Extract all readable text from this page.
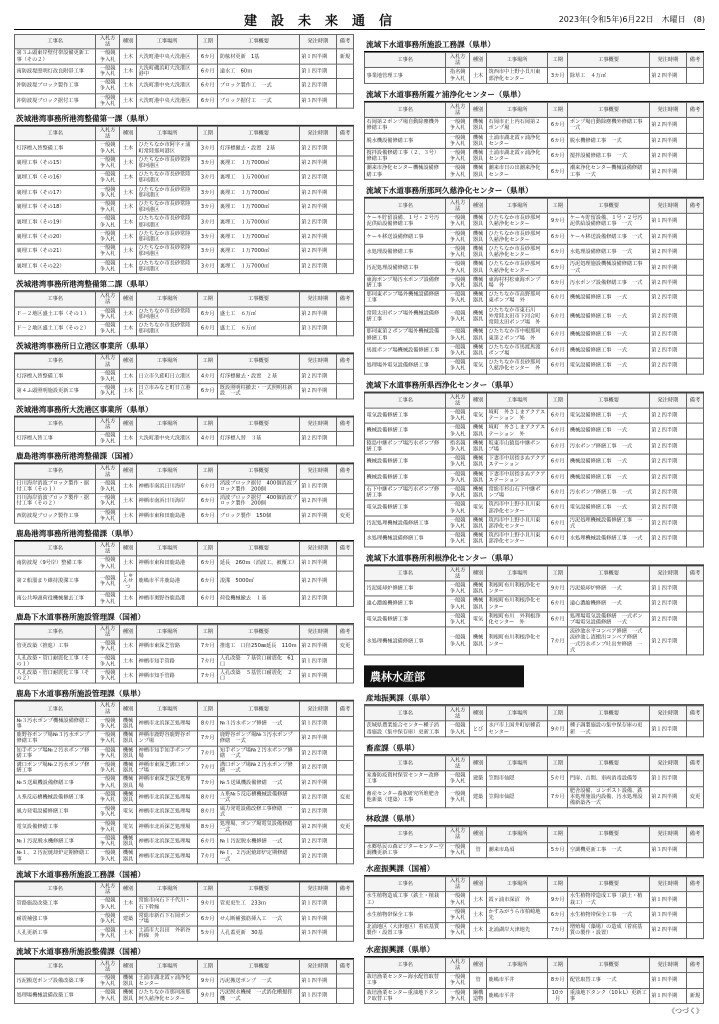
建設未来通信	2023年(令和5年)6月22日　木曜日　(8)
工事名	入札方法	種別	工事場所	工期	工事概要	発注時期	備考
第３ふ頭東岸壁付帯設備更新工事（その２）	一般競争入札	土木	大洗町港中央大洗港区	6カ月	防舷材更新　1基	第１四半期	新規
南防波堤照明灯改良附帯工事	一般競争入札	土木	大洗町磯浜町大洗港区港中	6カ月	遠水工　60ｍ	第１四半期	
沖防波堤ブロック製作工事	一般競争入札	土木	大洗町港中央大洗港区	6カ月	ブロック製作工　一式	第２四半期	
沖防波堤ブロック据付工事	一般競争入札	土木	大洗町港中央大洗港区	6カ月	ブロック据付工　一式	第３四半期	
茨城港湾事務所港湾整備第一課（県単）
工事名	入札方法	種別	工事場所	工期	工事概要	発注時期	備考
灯浮標入替整備工事	一般競争入札	土木	ひたちなか市阿字ヶ浦町常陸那珂港区	3カ月	灯浮標撤去・設置　2基	第２四半期	
裏埋工事（その15）	一般競争入札	土木	ひたちなか市長砂常陸那珂港区	3カ月	裏埋工　１万7000㎥	第２四半期	
裏埋工事（その16）	一般競争入札	土木	ひたちなか市長砂常陸那珂港区	3カ月	裏埋工　１万7000㎥	第２四半期	
裏埋工事（その17）	一般競争入札	土木	ひたちなか市長砂常陸那珂港区	3カ月	裏埋工　１万7000㎥	第２四半期	
裏埋工事（その18）	一般競争入札	土木	ひたちなか市長砂常陸那珂港区	3カ月	裏埋工　１万7000㎥	第２四半期	
裏埋工事（その19）	一般競争入札	土木	ひたちなか市長砂常陸那珂港区	3カ月	裏埋工　１万7000㎥	第２四半期	
裏埋工事（その20）	一般競争入札	土木	ひたちなか市長砂常陸那珂港区	3カ月	裏埋工　１万7000㎥	第２四半期	
裏埋工事（その21）	一般競争入札	土木	ひたちなか市長砂常陸那珂港区	3カ月	裏埋工　１万7000㎥	第２四半期	
裏埋工事（その22）	一般競争入札	土木	ひたちなか市長砂常陸那珂港区	3カ月	裏埋工　１万7000㎥	第２四半期	
茨城港湾事務所港湾整備第二課（県単）
工事名	入札方法	種別	工事場所	工期	工事概要	発注時期	備考
Ｆ－２地区盛土工事（その１）	一般競争入札	土木	ひたちなか市長砂常陸那珂港区	6カ月	盛土工　６万㎥	第２四半期	
Ｆ－２地区盛土工事（その２）	一般競争入札	土木	ひたちなか市長砂常陸那珂港区	6カ月	盛土工　６万㎥	第３四半期	
茨城港湾事務所日立港区事業所（県単）
工事名	入札方法	種別	工事場所	工期	工事概要	発注時期	備考
灯浮標入替整備工事	一般競争入札	土木	日立市久慈町日立港区	4カ月	灯浮標撤去・設置　２基	第２四半期	
第４ふ頭照明施設更新工事	一般競争入札	土木	日立市みなと町日立港区	6カ月	既設照明柱撤去・一式照明柱新設　一式	第２四半期	
茨城港湾事務所大洗港区事業所（県単）
工事名	入札方法	種別	工事場所	工期	工事概要	発注時期	備考
灯浮標入替工事	一般競争入札	土木	大洗町港中央大洗港区	4カ月	灯浮標入替　３基	第２四半期	
鹿島港湾事務所港湾整備課（国補）
工事名	入札方法	種別	工事場所	工期	工事概要	発注時期	備考
日川海岸消波ブロック製作・据付工事（その１）	一般競争入札	土木	神栖市南浜日川海岸	6カ月	消波ブロック据付　400個消波ブロック製作　200個	第１四半期	
日川海岸消波ブロック製作・据付工事（その２）	一般競争入札	土木	神栖市南浜日川海岸	6カ月	消波ブロック据付　400個消波ブロック製作　200個	第２四半期	
西防波堤ブロック製作工事	一般競争入札	土木	神栖市東和田鹿島港	6カ月	ブロック製作　150個	第２四半期	変更
鹿島港湾事務所港湾整備課（県単）
工事名	入札方法	種別	工事場所	工期	工事概要	発注時期	備考
南防波堤（9号岸）整備工事	一般競争入札	土木	神栖市東和田鹿島港	6カ月	延長　260ｍ（消波工、被覆工）	第１四半期	
第２船溜まり維持浚渫工事	一般競争入札	しゅんせつ	鹿嶋市平井鹿島港	6カ月	浚渫　5000㎥	第２四半期	
南公共埠頭荷役機械撤去工事	一般競争入札	土木	神栖市奥野谷鹿島港	6カ月	荷役機械撤去　１基	第２四半期	
鹿島下水道事務所施設管理課（国補）
工事名	入札方法	種別	工事場所	工期	工事概要	発注時期	備考
管更改築（推進）工事	一般競争入札	土木	神栖市東深芝管路	7カ月	推進工　口径250㎜延長　110ｍ	第２四半期	変更
人孔改築・管口耐震化工事（その１）	一般競争入札	土木	神栖市知手管路	7カ月	人孔改築　７基管口耐震化　61口	第１四半期	
人孔改築・管口耐震化工事（その２）	一般競争入札	土木	神栖市知手管路	7カ月	人孔改築　５基管口耐震化　２口	第１四半期	
鹿島下水道事務所施設管理課（県単）
工事名	入札方法	種別	工事場所	工期	工事概要	発注時期	備考
№３汚水ポンプ機械設備修繕工事	一般競争入札	機械器具	神栖市北浜深芝処理場	8カ月	№３汚水ポンプ修繕　一式	第１四半期	
鹿野谷ポンプ場№３汚水ポンプ修繕工事	一般競争入札	機械器具	神栖市鹿野谷鹿野谷ポンプ場	7カ月	鹿野谷ポンプ場№３汚水ポンプ修繕　一式	第２四半期	
知手ポンプ場№２汚水ポンプ修繕工事	一般競争入札	機械器具	神栖市知手知手ポンプ場	7カ月	知手ポンプ場№２汚水ポンプ修繕　一式	第２四半期	
溝口ポンプ場№２汚水ポンプ修繕工事	一般競争入札	機械器具	神栖市東深芝溝口ポンプ場	7カ月	溝口ポンプ場№２汚水ポンプ修繕　一式	第２四半期	
№５送風機設備修繕工事	一般競争入札	機械器具	神栖市東深芝深芝処理場	7カ月	№５送風機設備修繕　一式	第２四半期	
Ａ系反応槽機械設備修繕工事	一般競争入札	機械器具	神栖市北浜深芝処理場	8カ月	Ａ系№５反応槽機械設備修繕　一式	第２四半期	変更
風力発電設備修繕工事	一般競争入札	電気	神栖市北浜深芝処理場	8カ月	風力発電設備改修工事修繕　一式	第２四半期	
電気設備修繕工事	一般競争入札	電気	神栖市北浜深芝処理場	8カ月	処理場、ポンプ場電気設備修繕　一式	第２四半期	変更
№１汚泥脱水機修繕工事	一般競争入札	機械器具	神栖市北浜深芝処理場	6カ月	№１汚泥脱水機修繕　一式	第２四半期	
№１、２汚泥焼却炉定期修繕工事	一般競争入札	機械器具	神栖市北浜深芝処理場	7カ月	№１、２汚泥焼却炉定期修繕　一式	第２四半期	
流域下水道事務所施設工務課（国補）
工事名	入札方法	種別	工事場所	工期	工事概要	発注時期	備考
管路施設改築工事	一般競争入札	土木	常総市向石下千代川・石下幹線	9カ月	管更更生工　233ｍ	第１四半期	
耐震補強工事	一般競争入札	建築	常総市新石下石岡ポンプ場	6カ月	せん断補強筋挿入工　一式	第１四半期	
人孔更新工事	一般競争入札	土木	土浦市大岩田　外新谷幹線　外	5カ月	人孔蓋更新　30基	第３四半期	
流域下水道事務所施設整備課（国補）
工事名	入札方法	種別	工事場所	工期	工事概要	発注時期	備考
汚泥搬送ポンプ設備改築工事	一般競争入札	機械器具	土浦市湖北霞ヶ浦浄化センター	9カ月	汚泥搬送ポンプ　一式	第１四半期	
処理場機械設備改築工事	一般競争入札	機械器具	ひたちなか市那珂湊那珂久慈浄化センター	9カ月	汚泥脱水機棟　一式消化槽撹拌機　一式	第１四半期	
流域下水道事務所施設工務課（県単）
工事名	入札方法	種別	工事場所	工期	工事概要	発注時期	備考
事業地管理工事	指名競争入札	土木	筑西市中上野小貝川東部浄化センター	3カ月	除草工　４万㎡	第２四半期	
流域下水道事務所霞ケ浦浄化センター（県単）
工事名	入札方法	種別	工事場所	工期	工事概要	発注時期	備考
石岡第２ポンプ場自動除塵機外修繕工事	一般競争入札	機械器具	石岡市正上内石岡第２ポンプ場	6カ月	ポンプ場自動除塵機外修繕工事　一式	第２四半期	
脱水機設備修繕工事	一般競争入札	機械器具	土浦市湖北霞ヶ浦浄化センター	6カ月	脱水機修繕工事　一式	第２四半期	
撹拌設備修繕工事（２、３号）修繕工事	一般競争入札	機械器具	土浦市湖北霞ヶ浦浄化センター	6カ月	撹拌設備修繕工事　一式	第２四半期	
潮来市浄化センター機械設備修繕工事	一般競争入札	機械器具	潮来市日の出潮来浄化センター	6カ月	潮来浄化センター機械設備修繕工事　一式	第２四半期	
流域下水道事務所那珂久慈浄化センター（県単）
工事名	入札方法	種別	工事場所	工期	工事概要	発注時期	備考
ケーキ貯留設備、１号・２号汚泥供給設備修繕工事	一般競争入札	機械器具	ひたちなか市長砂那珂久慈浄化センター	9カ月	ケーキ貯留設備、１号・２号汚泥供給設備修繕工事　一式	第１四半期	
ケーキ移送設備修繕工事	一般競争入札	機械器具	ひたちなか市長砂那珂久慈浄化センター	6カ月	ケーキ移送設備修繕工事　一式	第２四半期	
水処理設備修繕工事	一般競争入札	機械器具	ひたちなか市長砂那珂久慈浄化センター	6カ月	水処理設備修繕工事　一式	第２四半期	
汚泥処理設備修繕工事	一般競争入札	機械器具	ひたちなか市長砂那珂久慈浄化センター	6カ月	汚泥処理施設機械設備修繕工事　一式	第２四半期	
東海ポンプ場汚水ポンプ設備修繕工事	一般競争入札	機械器具	東海村村松東海ポンプ場　外	6カ月	汚水ポンプ設備修繕工事　一式	第２四半期	
那珂東ポンプ場外機械設備修繕工事	一般競争入札	機械器具	ひたちなか市高野那珂東ポンプ場　外	6カ月	機械設備修繕工事　一式	第２四半期	
常陸太田ポンプ場外機械設備修繕工事	一般競争入札	機械器具	ひたちなか市東石川　外常陸太田市下河合町常陸太田ポンプ場　外	6カ月	機械設備修繕工事　一式	第２四半期	
那珂東第２ポンプ場外機械設備修繕工事	一般競争入札	機械器具	ひたちなか市中根那珂東第２ポンプ場　外	6カ月	機械設備修繕工事　一式	第２四半期	
馬渡ポンプ場機械設備修繕工事	一般競争入札	機械器具	ひたちなか市馬渡馬渡ポンプ場	6カ月	機械設備修繕工事　一式	第２四半期	
処理場外電気設備修繕工事	一般競争入札	電気	ひたちなか市長砂那珂久慈浄化センター　外	6カ月	電気設備修繕工事　一式	第２四半期	
流域下水道事務所県西浄化センター（県単）
工事名	入札方法	種別	工事場所	工期	工事概要	発注時期	備考
電気設備修繕工事	一般競争入札	電気	境町　外さしまアクアステーション　外	6カ月	電気設備修繕工事　一式	第２四半期	
機械設備修繕工事	一般競争入札	機械器具	境町　外さしまアクアステーション　外	6カ月	機械設備修繕工事　一式	第２四半期	
猿島中継ポンプ場汚水ポンプ修繕工事	指名競争入札	機械器具	坂東市山猿島中継ポンプ場	6カ月	汚水ポンプ修繕工事　一式	第２四半期	
機械設備修繕工事	一般競争入札	機械器具	下妻市中居指きぬアクアステーション	6カ月	機械設備修繕工事　一式	第２四半期	
機械設備修繕工事	一般競争入札	機械器具	下妻市中居指きぬアクアステーション	6カ月	機械設備修繕工事　一式	第２四半期	
石下中継ポンプ場汚水ポンプ修繕工事	一般競争入札	機械器具	常総市杉山石下中継ポンプ場	6カ月	汚水ポンプ修繕工事　一式	第２四半期	
電気設備修繕工事	一般競争入札	電気	筑西市中上野小貝川東部浄化センター	6カ月	電気設備修繕工事　一式	第２四半期	
汚泥処理機械設備修繕工事	一般競争入札	機械器具	筑西市中上野小貝川東部浄化センター	6カ月	汚泥処理機械設備修繕工事　一式	第２四半期	
水処理機械設備修繕工事	一般競争入札	機械器具	筑西市中上野小貝川東部浄化センター	6カ月	水処理機械設備修繕工事　一式	第２四半期	
流域下水道事務所利根浄化センター（県単）
工事名	入札方法	種別	工事場所	工期	工事概要	発注時期	備考
汚泥焼却炉修繕工事	一般競争入札	機械器具	利根町布川利根浄化センター	9カ月	汚泥焼却炉修繕　一式	第１四半期	
遠心濃縮機修繕工事	一般競争入札	機械器具	利根町布川利根浄化センター	6カ月	遠心濃縮機修繕　一式	第２四半期	
電気設備修繕工事	一般競争入札	電気	利根町布川　外利根浄化センター　外	6カ月	処理場電気設備修繕　一式ポンプ場電気設備修繕　一式	第２四半期	
水処理機械設備修繕工事	一般競争入札	機械器具	利根町布川利根浄化センター	7カ月	流砂池水平コンベア修繕　一式流砂池し渣搬出コンベア修繕　一式汚水ポンプ吐出弁修繕　一式	第２四半期	
農林水産部
産地振興課（県単）
工事名	入札方法	種別	工事場所	工期	工事概要	発注時期	備考
茨城県農業総合センター種子消毒施設（集中保存庫）更新工事	一般競争入札	とび	水戸市上国井町原種苗センター	9カ月	種子調製施設の集中保存庫の更新　一式	第１四半期	
畜産課（県単）
工事名	入札方法	種別	工事場所	工期	工事概要	発注時期	備考
家畜防疫資材保管センター改修工事	一般競争入札	建築	笠間市仙隠	5カ月	門扉、吉間、車両消毒設備等	第１四半期	
畜産センター養豚研究所堆肥舎他新築（建築）工事	一般競争入札	建築	笠間市仙隠	7カ月	肥舎設備、コンポスト設備、鉄本処理施設内設備、汚水処理設備新築各一式	第２四半期	変更
林政課（県単）
工事名	入札方法	種別	工事場所	工期	工事概要	発注時期	備考
水郷県民の森ビジターセンター空調機更新工事	一般競争入札	管	潮来市島須	5カ月	空調機更新工事　一式	第３四半期	
水産振興課（国補）
工事名	入札方法	種別	工事場所	工期	工事概要	発注時期	備考
水生植物造成工事（鉄土・植栽工）	一般競争入札	土木	霞ヶ浦市深沼　外	9カ月	水生植物帯造成工事（鉄土・植栽工）一式	第１四半期	
水生植物帯保全工事	一般競争入札	土木	かすみがうら市柏崎地先	6カ月	水生植物帯保全工事　一式	第３四半期	
北浦地区（大津地区）着底基質製作・設置工事	一般競争入札	土木	北浦湖岸大津地先	7カ月	増殖場（藻場）の造成（着底基質の製作・設置）	第２四半期	
水産振興課（県単）
工事名	入札方法	種別	工事場所	工期	工事概要	発注時期	備考
栽培漁業センター海水配管取替工事	一般競争入札	管	鹿嶋市平井	8カ月	配管取替工事　一式	第１四半期	
栽培漁業センター重油地下タンク取替工事	一般競争入札	鋼構造物	鹿嶋市平井	10カ月	重油地下タンク（10ｋL）更新工事	第１四半期	新規
《つづく》
